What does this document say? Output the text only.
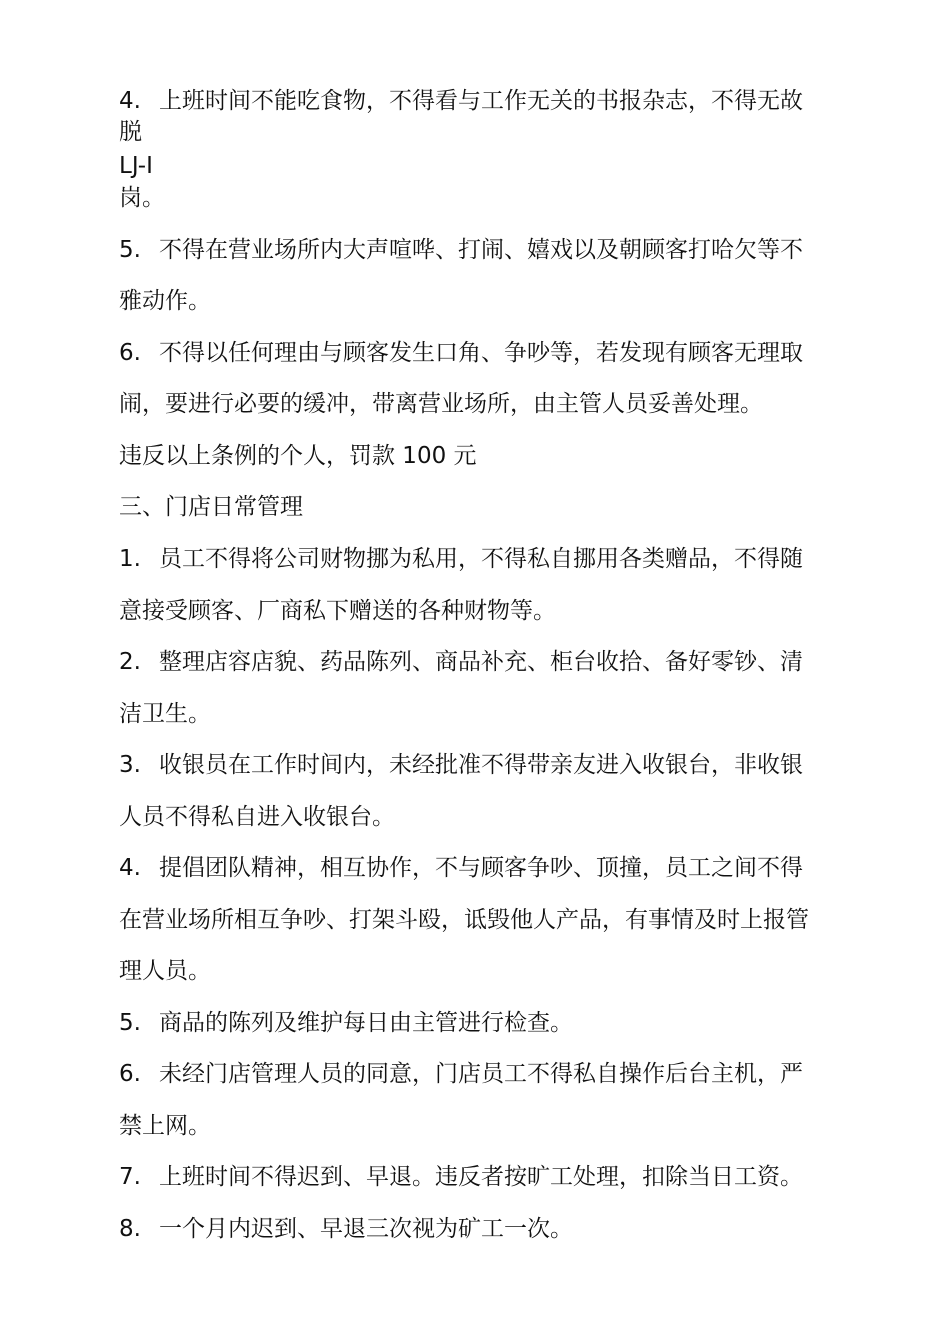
4. 上班时间不能吃食物，不得看与工作无关的书报杂志，不得无故
脱
LJ-I
岗。
5. 不得在营业场所内大声喧哗、打闹、嬉戏以及朝顾客打哈欠等不
雅动作。
6. 不得以任何理由与顾客发生口角、争吵等，若发现有顾客无理取
闹，要进行必要的缓冲，带离营业场所，由主管人员妥善处理。
违反以上条例的个人，罚款 100 元
三、门店日常管理
1. 员工不得将公司财物挪为私用，不得私自挪用各类赠品，不得随
意接受顾客、厂商私下赠送的各种财物等。
2. 整理店容店貌、药品陈列、商品补充、柜台收拾、备好零钞、清
洁卫生。
3. 收银员在工作时间内，未经批准不得带亲友进入收银台，非收银
人员不得私自进入收银台。
4. 提倡团队精神，相互协作，不与顾客争吵、顶撞，员工之间不得
在营业场所相互争吵、打架斗殴，诋毁他人产品，有事情及时上报管
理人员。
5. 商品的陈列及维护每日由主管进行检查。
6. 未经门店管理人员的同意，门店员工不得私自操作后台主机，严
禁上网。
7. 上班时间不得迟到、早退。违反者按旷工处理，扣除当日工资。
8. 一个月内迟到、早退三次视为矿工一次。
